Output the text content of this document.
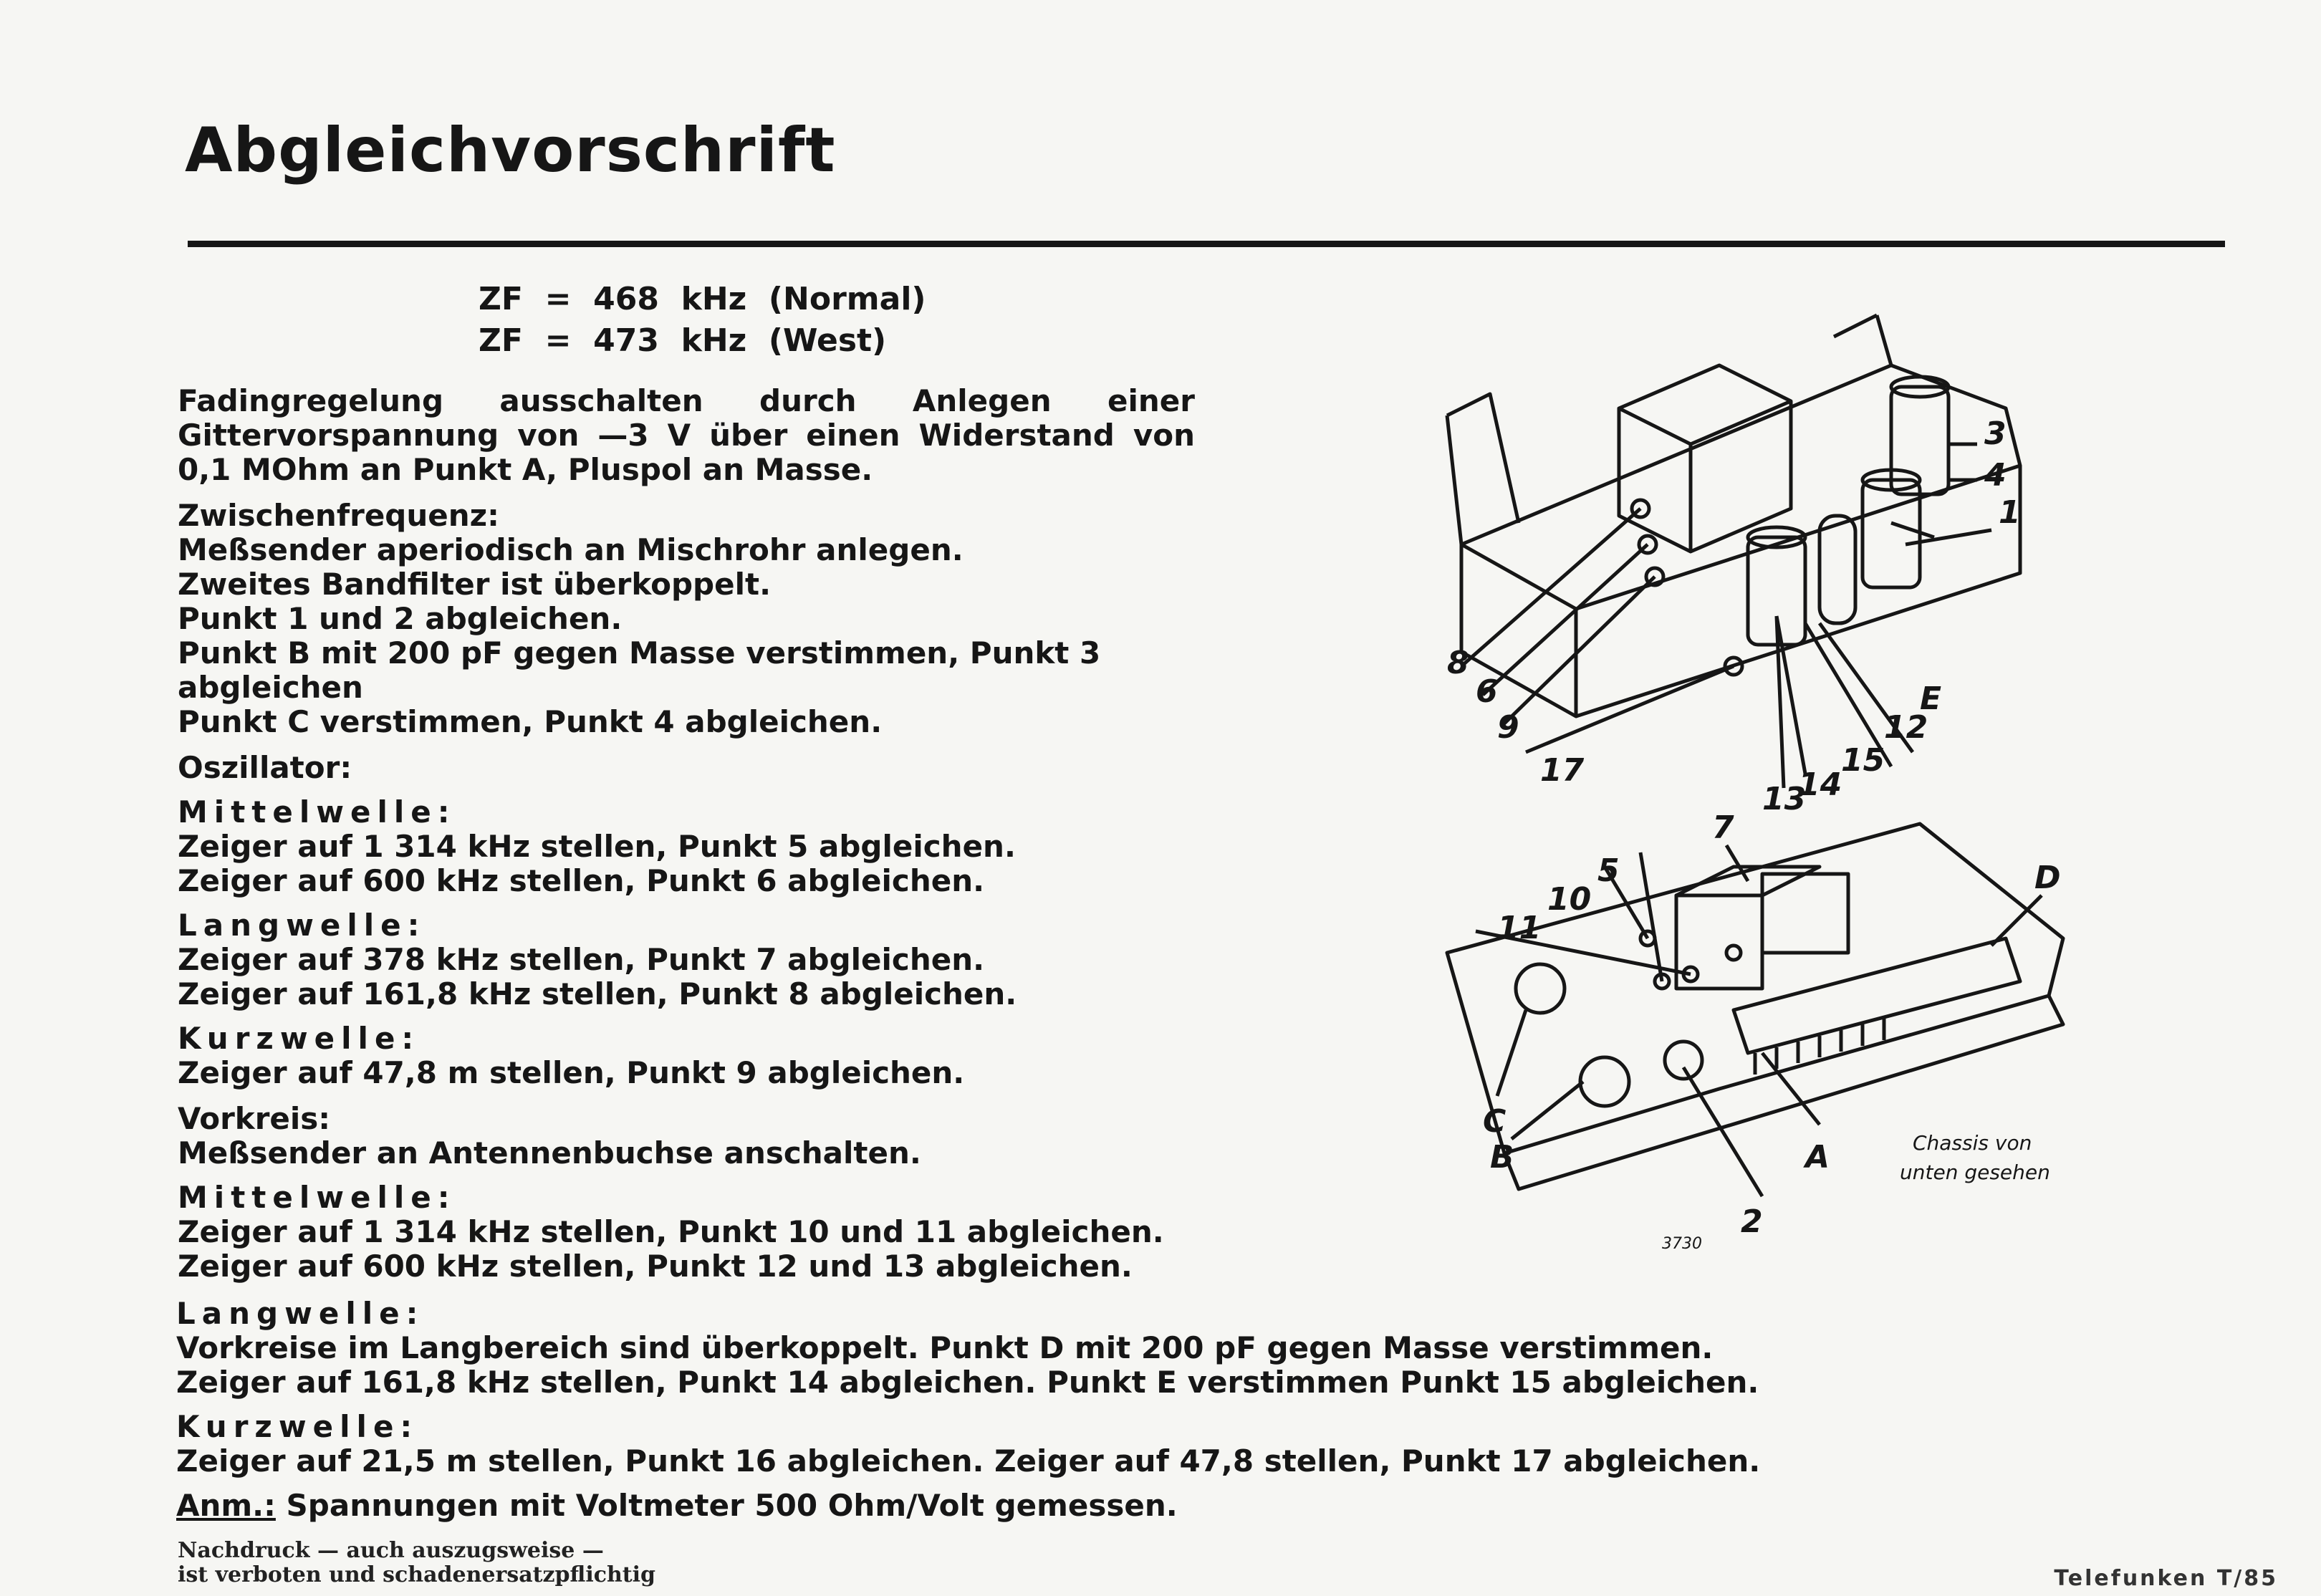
Abgleichvorschrift
ZF  =  468  kHz  (Normal)
ZF  =  473  kHz  (West)

Fadingregelung ausschalten durch Anlegen einer Gittervorspannung von —3 V über einen Widerstand von 0,1 MOhm an Punkt A, Pluspol an Masse.

Zwischenfrequenz:

Meßsender aperiodisch an Mischrohr anlegen.

Zweites Bandfilter ist überkoppelt.

Punkt 1 und 2 abgleichen.

Punkt B mit 200 pF gegen Masse verstimmen, Punkt 3 abgleichen

Punkt C verstimmen, Punkt 4 abgleichen.

Oszillator:

Mittelwelle:

Zeiger auf 1 314 kHz stellen, Punkt 5 abgleichen.

Zeiger auf 600 kHz stellen, Punkt 6 abgleichen.

Langwelle:

Zeiger auf 378 kHz stellen, Punkt 7 abgleichen.

Zeiger auf 161,8 kHz stellen, Punkt 8 abgleichen.

Kurzwelle:

Zeiger auf 47,8 m stellen, Punkt 9 abgleichen.

Vorkreis:

Meßsender an Antennenbuchse anschalten.

Mittelwelle:

Zeiger auf 1 314 kHz stellen, Punkt 10 und 11 abgleichen.

Zeiger auf 600 kHz stellen, Punkt 12 und 13 abgleichen.

Langwelle:

Vorkreise im Langbereich sind überkoppelt. Punkt D mit 200 pF gegen Masse verstimmen.

Zeiger auf 161,8 kHz stellen, Punkt 14 abgleichen. Punkt E verstimmen Punkt 15 abgleichen.

Kurzwelle:

Zeiger auf 21,5 m stellen, Punkt 16 abgleichen. Zeiger auf 47,8 stellen, Punkt 17 abgleichen.

Anm.: Spannungen mit Voltmeter 500 Ohm/Volt gemessen.

Nachdruck — auch auszugsweise —

ist verboten und schadenersatzpflichtig	Telefunken T/85
3
4
1
E
8
6
9
17
13
14
15
12
7
5
10
11
D
C
B	A
2
Chassis von
unten gesehen
3730
